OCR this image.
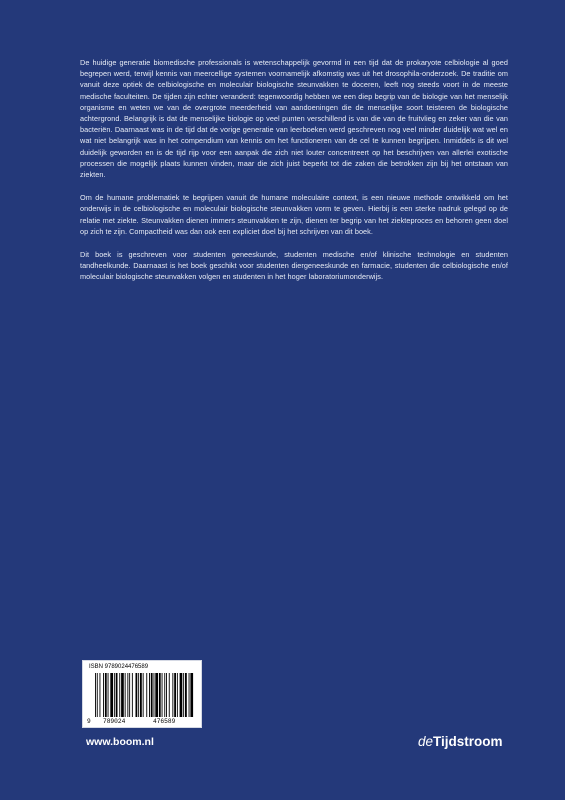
De huidige generatie biomedische professionals is wetenschappelijk gevormd in een tijd dat de prokaryote celbiologie al goed begrepen werd, terwijl kennis van meercellige systemen voornamelijk afkomstig was uit het drosophila-onderzoek. De traditie om vanuit deze optiek de celbiologische en moleculair biologische steunvakken te doceren, leeft nog steeds voort in de meeste medische faculteiten. De tijden zijn echter veranderd: tegenwoordig hebben we een diep begrip van de biologie van het menselijk organisme en weten we van de overgrote meerderheid van aandoeningen die de menselijke soort teisteren de biologische achtergrond. Belangrijk is dat de menselijke biologie op veel punten verschillend is van die van de fruitvlieg en zeker van die van bacteriën. Daarnaast was in de tijd dat de vorige generatie van leerboeken werd geschreven nog veel minder duidelijk wat wel en wat niet belangrijk was in het compendium van kennis om het functioneren van de cel te kunnen begrijpen. Inmiddels is dit wel duidelijk geworden en is de tijd rijp voor een aanpak die zich niet louter concentreert op het beschrijven van allerlei exotische processen die mogelijk plaats kunnen vinden, maar die zich juist beperkt tot die zaken die betrokken zijn bij het ontstaan van ziekten.

Om de humane problematiek te begrijpen vanuit de humane moleculaire context, is een nieuwe methode ontwikkeld om het onderwijs in de celbiologische en moleculair biologische steunvakken vorm te geven. Hierbij is een sterke nadruk gelegd op de relatie met ziekte. Steunvakken dienen immers steunvakken te zijn, dienen ter begrip van het ziekteproces en behoren geen doel op zich te zijn. Compactheid was dan ook een expliciet doel bij het schrijven van dit boek.

Dit boek is geschreven voor studenten geneeskunde, studenten medische en/of klinische technologie en studenten tandheelkunde. Daarnaast is het boek geschikt voor studenten diergeneeskunde en farmacie, studenten die celbiologische en/of moleculair biologische steunvakken volgen en studenten in het hoger laboratoriumonderwijs.

ISBN 9789024476589
9 789024	476589
www.boom.nl	deTijdstroom
